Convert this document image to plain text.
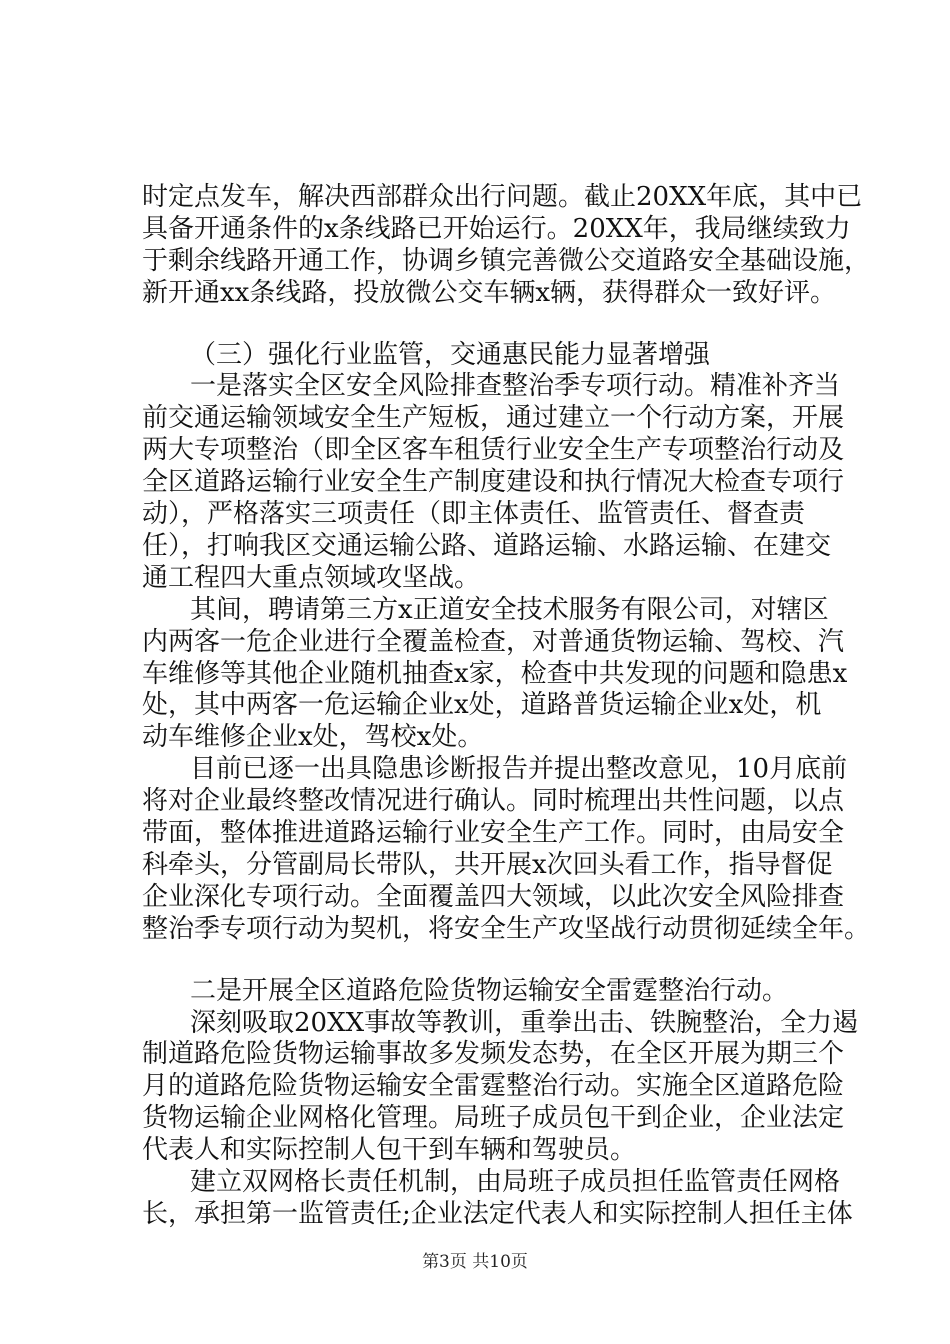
时定点发车，解决西部群众出行问题。截止20XX年底，其中已
具备开通条件的x条线路已开始运行。20XX年，我局继续致力
于剩余线路开通工作，协调乡镇完善微公交道路安全基础设施，
新开通xx条线路，投放微公交车辆x辆，获得群众一致好评。
（三）强化行业监管，交通惠民能力显著增强
一是落实全区安全风险排查整治季专项行动。精准补齐当
前交通运输领域安全生产短板，通过建立一个行动方案，开展
两大专项整治（即全区客车租赁行业安全生产专项整治行动及
全区道路运输行业安全生产制度建设和执行情况大检查专项行
动），严格落实三项责任（即主体责任、监管责任、督查责
任），打响我区交通运输公路、道路运输、水路运输、在建交
通工程四大重点领域攻坚战。
其间，聘请第三方x正道安全技术服务有限公司，对辖区
内两客一危企业进行全覆盖检查，对普通货物运输、驾校、汽
车维修等其他企业随机抽查x家，检查中共发现的问题和隐患x
处，其中两客一危运输企业x处，道路普货运输企业x处，机
动车维修企业x处，驾校x处。
目前已逐一出具隐患诊断报告并提出整改意见，10月底前
将对企业最终整改情况进行确认。同时梳理出共性问题，以点
带面，整体推进道路运输行业安全生产工作。同时，由局安全
科牵头，分管副局长带队，共开展x次回头看工作，指导督促
企业深化专项行动。全面覆盖四大领域，以此次安全风险排查
整治季专项行动为契机，将安全生产攻坚战行动贯彻延续全年。
二是开展全区道路危险货物运输安全雷霆整治行动。
深刻吸取20XX事故等教训，重拳出击、铁腕整治，全力遏
制道路危险货物运输事故多发频发态势，在全区开展为期三个
月的道路危险货物运输安全雷霆整治行动。实施全区道路危险
货物运输企业网格化管理。局班子成员包干到企业，企业法定
代表人和实际控制人包干到车辆和驾驶员。
建立双网格长责任机制，由局班子成员担任监管责任网格
长，承担第一监管责任;企业法定代表人和实际控制人担任主体
第3页 共10页
